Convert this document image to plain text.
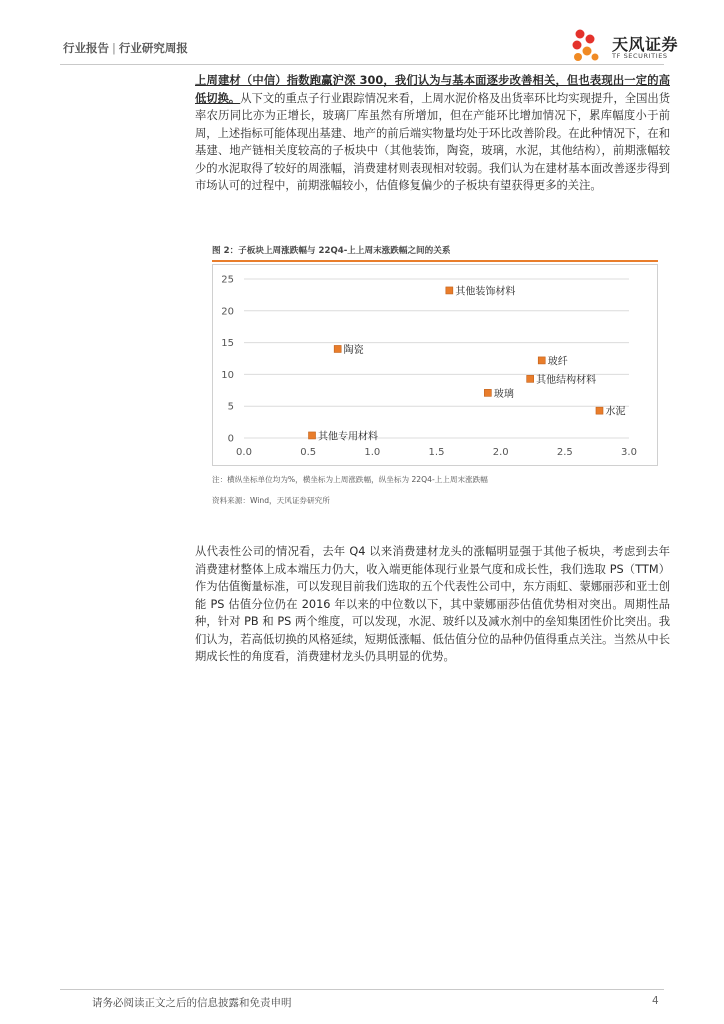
行业报告 | 行业研究周报	天风证券
TF SECURITIES
上周建材（中信）指数跑赢沪深 300，我们认为与基本面逐步改善相关，但也表现出一定的高低切换。从下文的重点子行业跟踪情况来看，上周水泥价格及出货率环比均实现提升，全国出货率农历同比亦为正增长，玻璃厂库虽然有所增加，但在产能环比增加情况下，累库幅度小于前周，上述指标可能体现出基建、地产的前后端实物量均处于环比改善阶段。在此种情况下，在和基建、地产链相关度较高的子板块中（其他装饰，陶瓷，玻璃，水泥，其他结构），前期涨幅较少的水泥取得了较好的周涨幅，消费建材则表现相对较弱。我们认为在建材基本面改善逐步得到市场认可的过程中，前期涨幅较小，估值修复偏少的子板块有望获得更多的关注。
图 2：子板块上周涨跌幅与 22Q4-上上周末涨跌幅之间的关系
0
5
10
15
20
25
0.0	0.5	1.0	1.5	2.0	2.5	3.0
其他装饰材料
陶瓷
玻纤
其他结构材料
玻璃
水泥
其他专用材料
注：横纵坐标单位均为%，横坐标为上周涨跌幅，纵坐标为 22Q4-上上周末涨跌幅
资料来源：Wind，天风证券研究所
从代表性公司的情况看，去年 Q4 以来消费建材龙头的涨幅明显强于其他子板块，考虑到去年消费建材整体上成本端压力仍大，收入端更能体现行业景气度和成长性，我们选取 PS（TTM）作为估值衡量标准，可以发现目前我们选取的五个代表性公司中，东方雨虹、蒙娜丽莎和亚士创能 PS 估值分位仍在 2016 年以来的中位数以下，其中蒙娜丽莎估值优势相对突出。周期性品种，针对 PB 和 PS 两个维度，可以发现，水泥、玻纤以及减水剂中的垒知集团性价比突出。我们认为，若高低切换的风格延续，短期低涨幅、低估值分位的品种仍值得重点关注。当然从中长期成长性的角度看，消费建材龙头仍具明显的优势。
请务必阅读正文之后的信息披露和免责申明	4
